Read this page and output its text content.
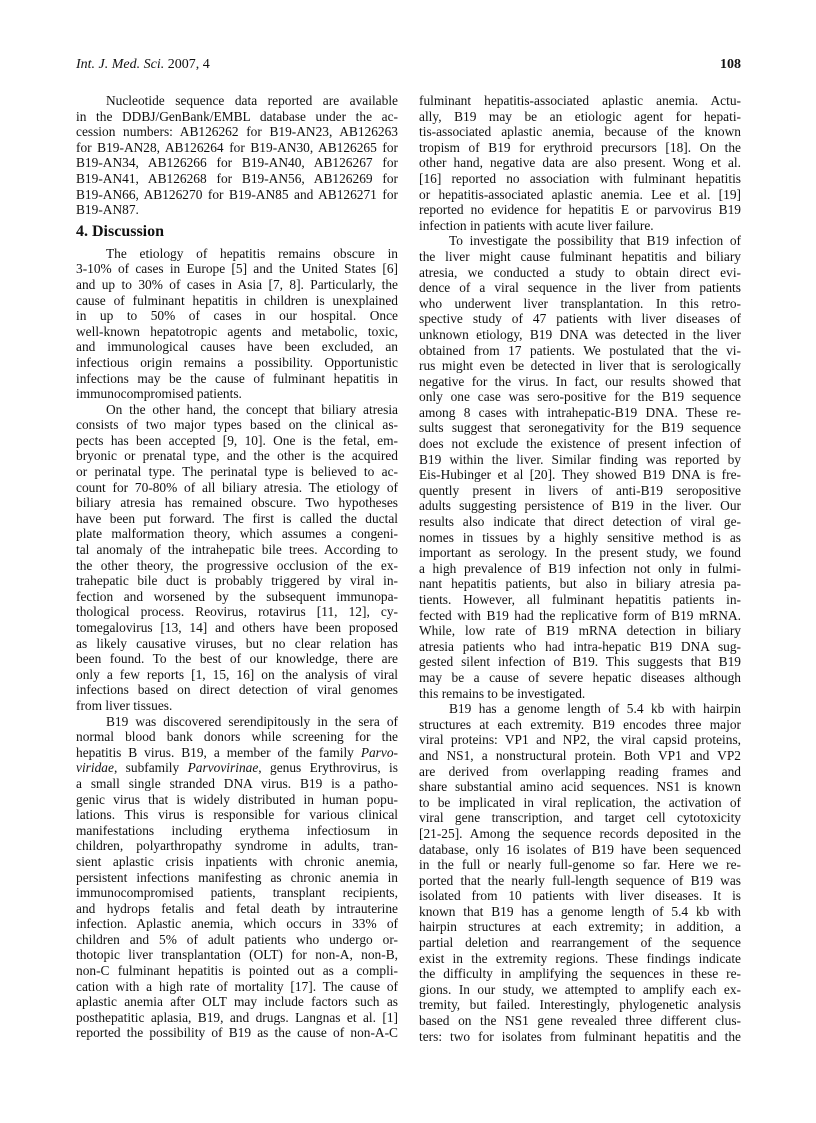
Int. J. Med. Sci. 2007, 4	108
Nucleotide sequence data reported are available
in the DDBJ/GenBank/EMBL database under the ac-
cession numbers: AB126262 for B19-AN23, AB126263
for B19-AN28, AB126264 for B19-AN30, AB126265 for
B19-AN34, AB126266 for B19-AN40, AB126267 for
B19-AN41, AB126268 for B19-AN56, AB126269 for
B19-AN66, AB126270 for B19-AN85 and AB126271 for
B19-AN87.
4. Discussion
The etiology of hepatitis remains obscure in
3-10% of cases in Europe [5] and the United States [6]
and up to 30% of cases in Asia [7, 8]. Particularly, the
cause of fulminant hepatitis in children is unexplained
in up to 50% of cases in our hospital. Once
well-known hepatotropic agents and metabolic, toxic,
and immunological causes have been excluded, an
infectious origin remains a possibility. Opportunistic
infections may be the cause of fulminant hepatitis in
immunocompromised patients.
On the other hand, the concept that biliary atresia
consists of two major types based on the clinical as-
pects has been accepted [9, 10]. One is the fetal, em-
bryonic or prenatal type, and the other is the acquired
or perinatal type. The perinatal type is believed to ac-
count for 70-80% of all biliary atresia. The etiology of
biliary atresia has remained obscure. Two hypotheses
have been put forward. The first is called the ductal
plate malformation theory, which assumes a congeni-
tal anomaly of the intrahepatic bile trees. According to
the other theory, the progressive occlusion of the ex-
trahepatic bile duct is probably triggered by viral in-
fection and worsened by the subsequent immunopa-
thological process. Reovirus, rotavirus [11, 12], cy-
tomegalovirus [13, 14] and others have been proposed
as likely causative viruses, but no clear relation has
been found. To the best of our knowledge, there are
only a few reports [1, 15, 16] on the analysis of viral
infections based on direct detection of viral genomes
from liver tissues.
B19 was discovered serendipitously in the sera of
normal blood bank donors while screening for the
hepatitis B virus. B19, a member of the family Parvo-
viridae, subfamily Parvovirinae, genus Erythrovirus, is
a small single stranded DNA virus. B19 is a patho-
genic virus that is widely distributed in human popu-
lations. This virus is responsible for various clinical
manifestations including erythema infectiosum in
children, polyarthropathy syndrome in adults, tran-
sient aplastic crisis inpatients with chronic anemia,
persistent infections manifesting as chronic anemia in
immunocompromised patients, transplant recipients,
and hydrops fetalis and fetal death by intrauterine
infection. Aplastic anemia, which occurs in 33% of
children and 5% of adult patients who undergo or-
thotopic liver transplantation (OLT) for non-A, non-B,
non-C fulminant hepatitis is pointed out as a compli-
cation with a high rate of mortality [17]. The cause of
aplastic anemia after OLT may include factors such as
posthepatitic aplasia, B19, and drugs. Langnas et al. [1]
reported the possibility of B19 as the cause of non-A-C
fulminant hepatitis-associated aplastic anemia. Actu-
ally, B19 may be an etiologic agent for hepati-
tis-associated aplastic anemia, because of the known
tropism of B19 for erythroid precursors [18]. On the
other hand, negative data are also present. Wong et al.
[16] reported no association with fulminant hepatitis
or hepatitis-associated aplastic anemia. Lee et al. [19]
reported no evidence for hepatitis E or parvovirus B19
infection in patients with acute liver failure.
To investigate the possibility that B19 infection of
the liver might cause fulminant hepatitis and biliary
atresia, we conducted a study to obtain direct evi-
dence of a viral sequence in the liver from patients
who underwent liver transplantation. In this retro-
spective study of 47 patients with liver diseases of
unknown etiology, B19 DNA was detected in the liver
obtained from 17 patients. We postulated that the vi-
rus might even be detected in liver that is serologically
negative for the virus. In fact, our results showed that
only one case was sero-positive for the B19 sequence
among 8 cases with intrahepatic-B19 DNA. These re-
sults suggest that seronegativity for the B19 sequence
does not exclude the existence of present infection of
B19 within the liver. Similar finding was reported by
Eis-Hubinger et al [20]. They showed B19 DNA is fre-
quently present in livers of anti-B19 seropositive
adults suggesting persistence of B19 in the liver. Our
results also indicate that direct detection of viral ge-
nomes in tissues by a highly sensitive method is as
important as serology. In the present study, we found
a high prevalence of B19 infection not only in fulmi-
nant hepatitis patients, but also in biliary atresia pa-
tients. However, all fulminant hepatitis patients in-
fected with B19 had the replicative form of B19 mRNA.
While, low rate of B19 mRNA detection in biliary
atresia patients who had intra-hepatic B19 DNA sug-
gested silent infection of B19. This suggests that B19
may be a cause of severe hepatic diseases although
this remains to be investigated.
B19 has a genome length of 5.4 kb with hairpin
structures at each extremity. B19 encodes three major
viral proteins: VP1 and NP2, the viral capsid proteins,
and NS1, a nonstructural protein. Both VP1 and VP2
are derived from overlapping reading frames and
share substantial amino acid sequences. NS1 is known
to be implicated in viral replication, the activation of
viral gene transcription, and target cell cytotoxicity
[21-25]. Among the sequence records deposited in the
database, only 16 isolates of B19 have been sequenced
in the full or nearly full-genome so far. Here we re-
ported that the nearly full-length sequence of B19 was
isolated from 10 patients with liver diseases. It is
known that B19 has a genome length of 5.4 kb with
hairpin structures at each extremity; in addition, a
partial deletion and rearrangement of the sequence
exist in the extremity regions. These findings indicate
the difficulty in amplifying the sequences in these re-
gions. In our study, we attempted to amplify each ex-
tremity, but failed. Interestingly, phylogenetic analysis
based on the NS1 gene revealed three different clus-
ters: two for isolates from fulminant hepatitis and the
